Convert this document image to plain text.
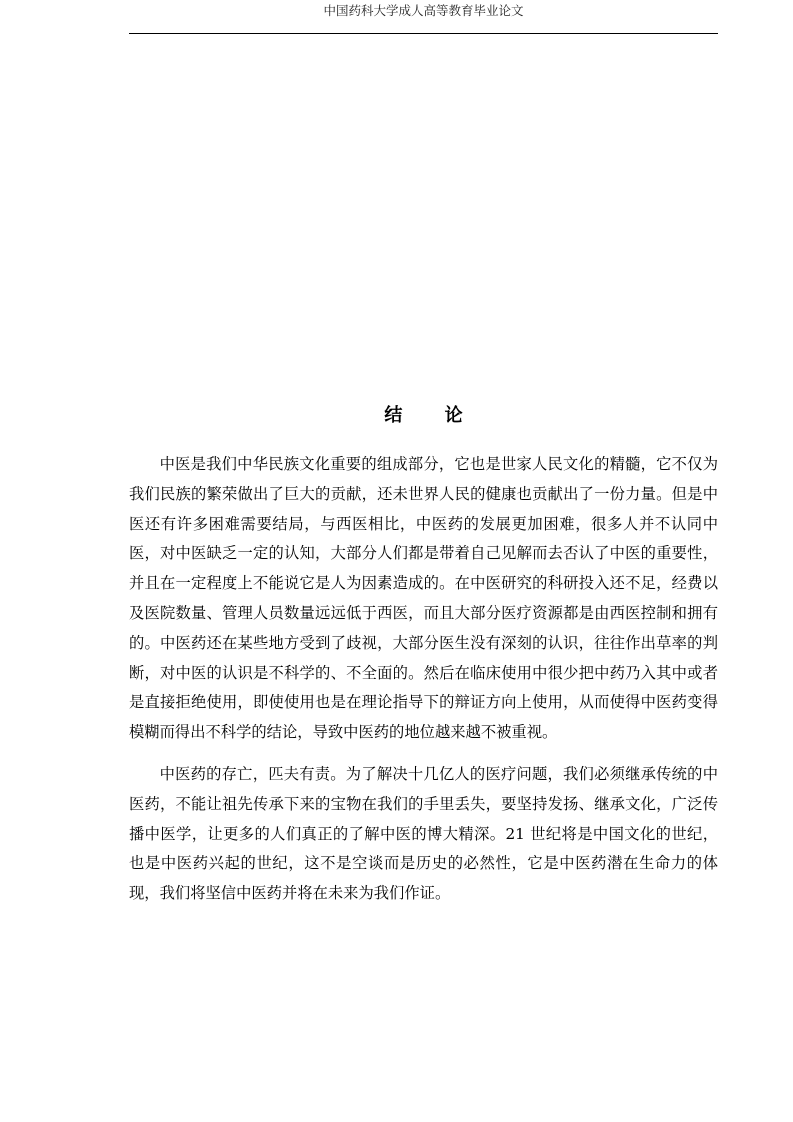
中国药科大学成人高等教育毕业论文
结 论

中医是我们中华民族文化重要的组成部分，它也是世家人民文化的精髓，它不仅为我们民族的繁荣做出了巨大的贡献，还未世界人民的健康也贡献出了一份力量。但是中医还有许多困难需要结局，与西医相比，中医药的发展更加困难，很多人并不认同中医，对中医缺乏一定的认知，大部分人们都是带着自己见解而去否认了中医的重要性，并且在一定程度上不能说它是人为因素造成的。在中医研究的科研投入还不足，经费以及医院数量、管理人员数量远远低于西医，而且大部分医疗资源都是由西医控制和拥有的。中医药还在某些地方受到了歧视，大部分医生没有深刻的认识，往往作出草率的判断，对中医的认识是不科学的、不全面的。然后在临床使用中很少把中药乃入其中或者是直接拒绝使用，即使使用也是在理论指导下的辩证方向上使用，从而使得中医药变得模糊而得出不科学的结论，导致中医药的地位越来越不被重视。

中医药的存亡，匹夫有责。为了解决十几亿人的医疗问题，我们必须继承传统的中医药，不能让祖先传承下来的宝物在我们的手里丢失，要坚持发扬、继承文化，广泛传播中医学，让更多的人们真正的了解中医的博大精深。21 世纪将是中国文化的世纪，也是中医药兴起的世纪，这不是空谈而是历史的必然性，它是中医药潜在生命力的体现，我们将坚信中医药并将在未来为我们作证。
